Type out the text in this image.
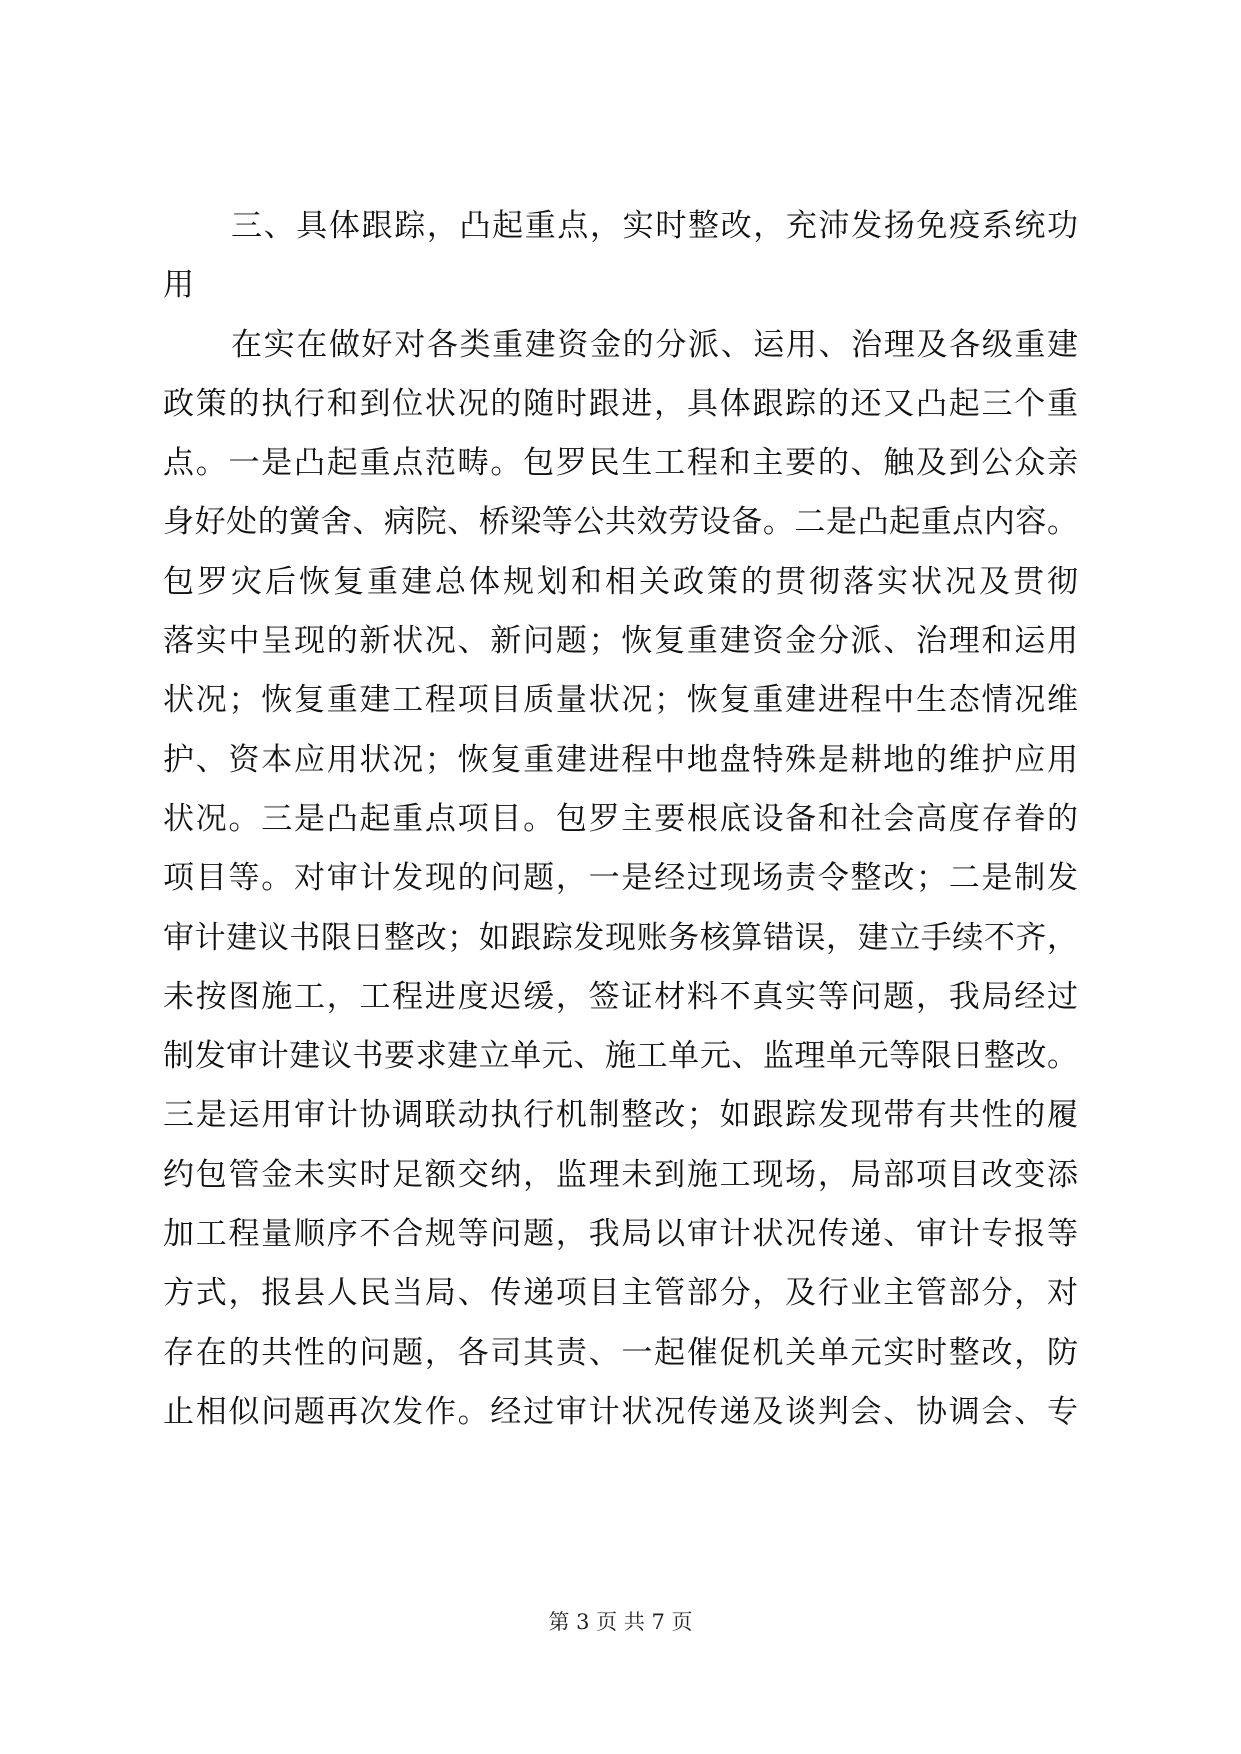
三、具体跟踪，凸起重点，实时整改，充沛发扬免疫系统功
用
在实在做好对各类重建资金的分派、运用、治理及各级重建
政策的执行和到位状况的随时跟进，具体跟踪的还又凸起三个重
点。一是凸起重点范畴。包罗民生工程和主要的、触及到公众亲
身好处的黉舍、病院、桥梁等公共效劳设备。二是凸起重点内容。
包罗灾后恢复重建总体规划和相关政策的贯彻落实状况及贯彻
落实中呈现的新状况、新问题；恢复重建资金分派、治理和运用
状况；恢复重建工程项目质量状况；恢复重建进程中生态情况维
护、资本应用状况；恢复重建进程中地盘特殊是耕地的维护应用
状况。三是凸起重点项目。包罗主要根底设备和社会高度存眷的
项目等。对审计发现的问题，一是经过现场责令整改；二是制发
审计建议书限日整改；如跟踪发现账务核算错误，建立手续不齐，
未按图施工，工程进度迟缓，签证材料不真实等问题，我局经过
制发审计建议书要求建立单元、施工单元、监理单元等限日整改。
三是运用审计协调联动执行机制整改；如跟踪发现带有共性的履
约包管金未实时足额交纳，监理未到施工现场，局部项目改变添
加工程量顺序不合规等问题，我局以审计状况传递、审计专报等
方式，报县人民当局、传递项目主管部分，及行业主管部分，对
存在的共性的问题，各司其责、一起催促机关单元实时整改，防
止相似问题再次发作。经过审计状况传递及谈判会、协调会、专
第 3 页 共 7 页
